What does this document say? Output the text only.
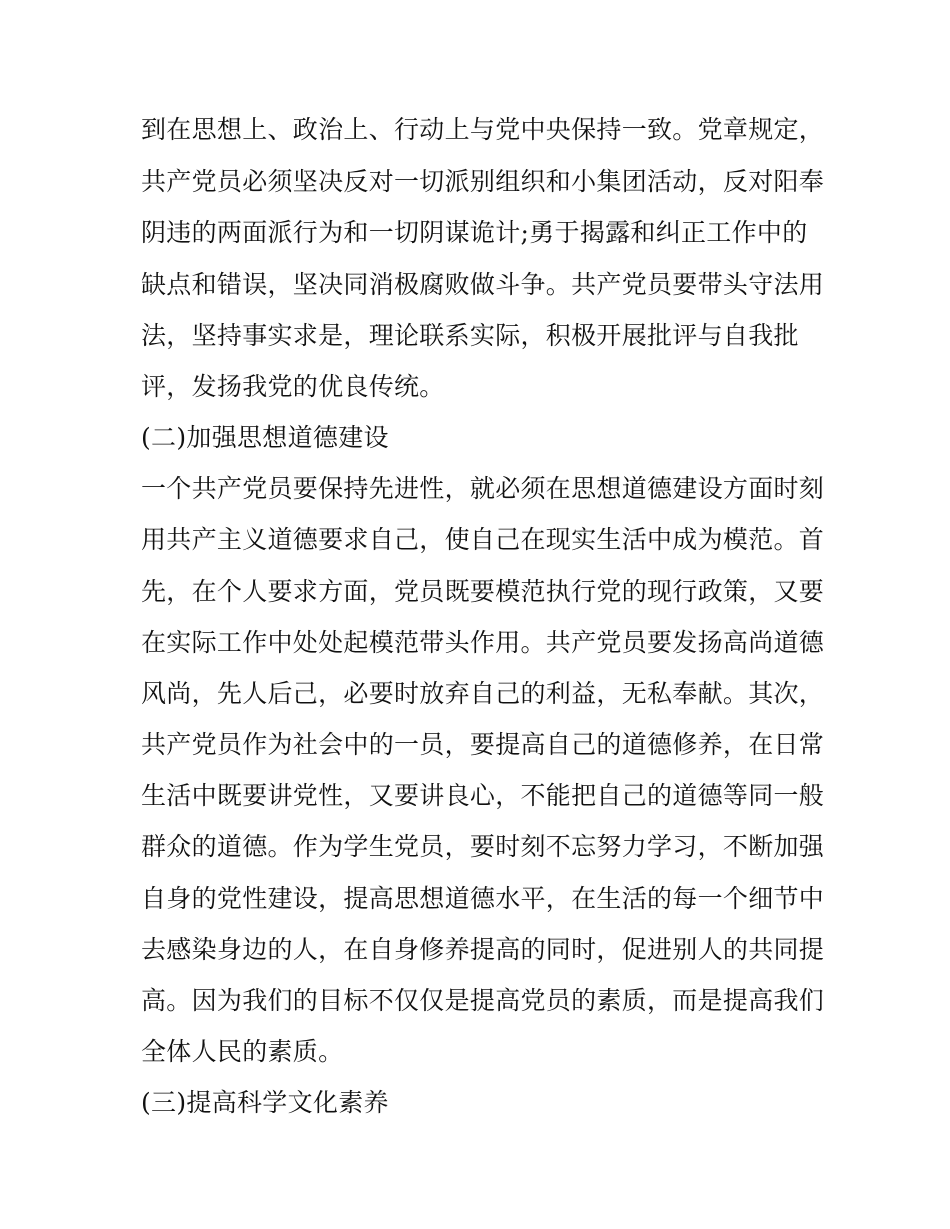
到在思想上、政治上、行动上与党中央保持一致。党章规定，
共产党员必须坚决反对一切派别组织和小集团活动，反对阳奉
阴违的两面派行为和一切阴谋诡计;勇于揭露和纠正工作中的
缺点和错误，坚决同消极腐败做斗争。共产党员要带头守法用
法，坚持事实求是，理论联系实际，积极开展批评与自我批
评，发扬我党的优良传统。
(二)加强思想道德建设
一个共产党员要保持先进性，就必须在思想道德建设方面时刻
用共产主义道德要求自己，使自己在现实生活中成为模范。首
先，在个人要求方面，党员既要模范执行党的现行政策，又要
在实际工作中处处起模范带头作用。共产党员要发扬高尚道德
风尚，先人后己，必要时放弃自己的利益，无私奉献。其次，
共产党员作为社会中的一员，要提高自己的道德修养，在日常
生活中既要讲党性，又要讲良心，不能把自己的道德等同一般
群众的道德。作为学生党员，要时刻不忘努力学习，不断加强
自身的党性建设，提高思想道德水平，在生活的每一个细节中
去感染身边的人，在自身修养提高的同时，促进别人的共同提
高。因为我们的目标不仅仅是提高党员的素质，而是提高我们
全体人民的素质。
(三)提高科学文化素养
